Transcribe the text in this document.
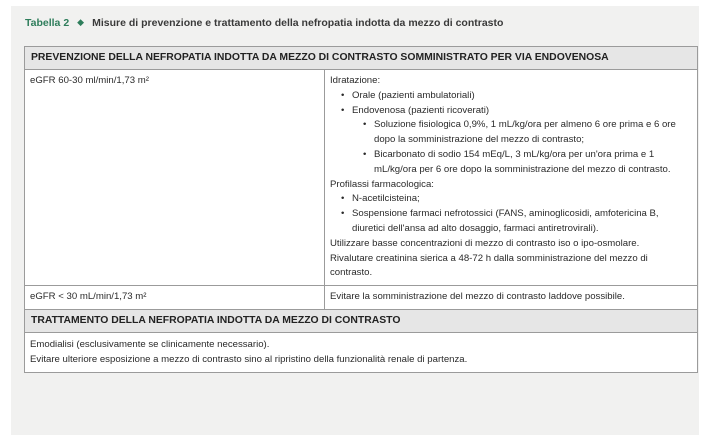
Tabella 2 ◆ Misure di prevenzione e trattamento della nefropatia indotta da mezzo di contrasto
PREVENZIONE DELLA NEFROPATIA INDOTTA DA MEZZO DI CONTRASTO SOMMINISTRATO PER VIA ENDOVENOSA
eGFR 60-30 ml/min/1,73 m²	Idratazione:
• Orale (pazienti ambulatoriali)
• Endovenosa (pazienti ricoverati)
• Soluzione fisiologica 0,9%, 1 mL/kg/ora per almeno 6 ore prima e 6 ore dopo la somministrazione del mezzo di contrasto;
• Bicarbonato di sodio 154 mEq/L, 3 mL/kg/ora per un'ora prima e 1 mL/kg/ora per 6 ore dopo la somministrazione del mezzo di contrasto.
Profilassi farmacologica:
• N-acetilcisteina;
• Sospensione farmaci nefrotossici (FANS, aminoglicosidi, amfotericina B, diuretici dell'ansa ad alto dosaggio, farmaci antiretrovirali).
Utilizzare basse concentrazioni di mezzo di contrasto iso o ipo-osmolare.
Rivalutare creatinina sierica a 48-72 h dalla somministrazione del mezzo di contrasto.
eGFR < 30 mL/min/1,73 m²	Evitare la somministrazione del mezzo di contrasto laddove possibile.
TRATTAMENTO DELLA NEFROPATIA INDOTTA DA MEZZO DI CONTRASTO
Emodialisi (esclusivamente se clinicamente necessario).
Evitare ulteriore esposizione a mezzo di contrasto sino al ripristino della funzionalità renale di partenza.
